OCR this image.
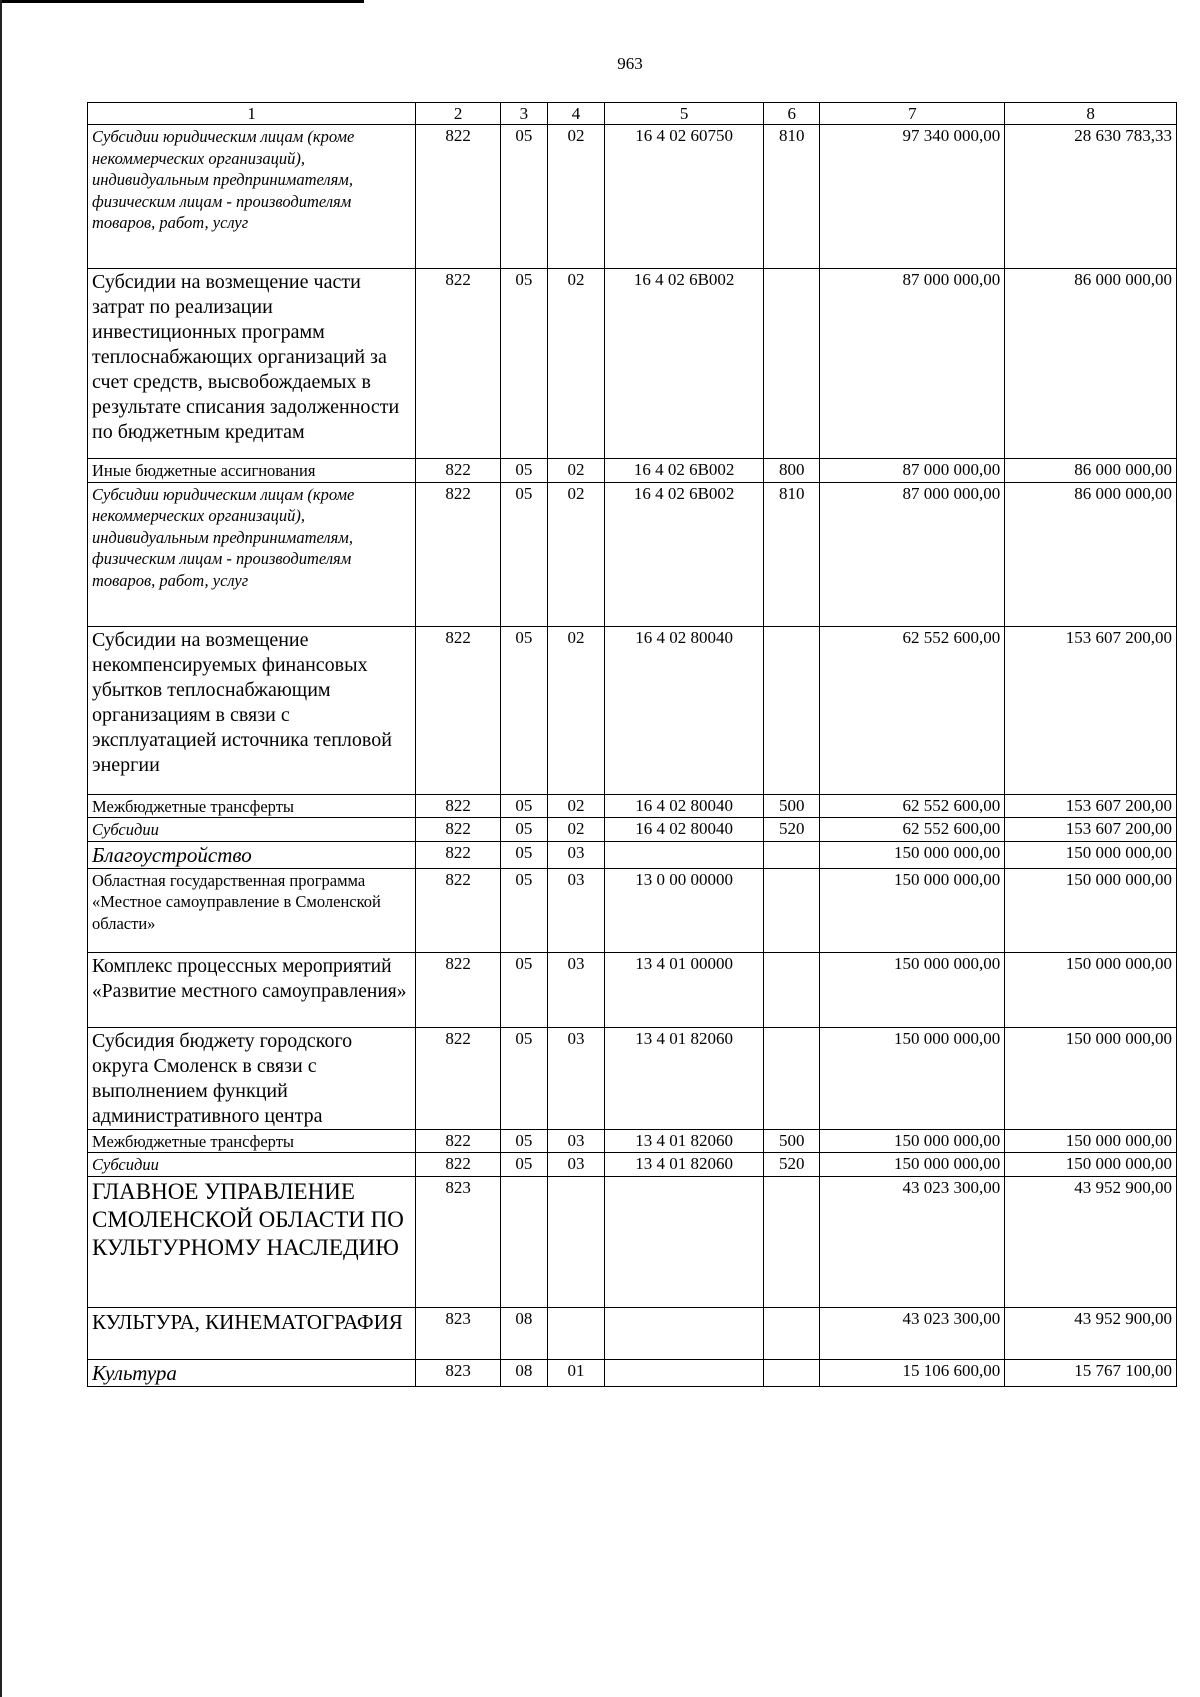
963
1	2	3	4	5	6	7	8
Субсидии юридическим лицам (кроме некоммерческих организаций), индивидуальным предпринимателям, физическим лицам - производителям товаров, работ, услуг	822	05	02	16 4 02 60750	810	97 340 000,00	28 630 783,33
Субсидии на возмещение части затрат по реализации инвестиционных программ теплоснабжающих организаций за счет средств, высвобождаемых в результате списания задолженности по бюджетным кредитам	822	05	02	16 4 02 6B002		87 000 000,00	86 000 000,00
Иные бюджетные ассигнования	822	05	02	16 4 02 6B002	800	87 000 000,00	86 000 000,00
Субсидии юридическим лицам (кроме некоммерческих организаций), индивидуальным предпринимателям, физическим лицам - производителям товаров, работ, услуг	822	05	02	16 4 02 6B002	810	87 000 000,00	86 000 000,00
Субсидии на возмещение некомпенсируемых финансовых убытков теплоснабжающим организациям в связи с эксплуатацией источника тепловой энергии	822	05	02	16 4 02 80040		62 552 600,00	153 607 200,00
Межбюджетные трансферты	822	05	02	16 4 02 80040	500	62 552 600,00	153 607 200,00
Субсидии	822	05	02	16 4 02 80040	520	62 552 600,00	153 607 200,00
Благоустройство	822	05	03			150 000 000,00	150 000 000,00
Областная государственная программа «Местное самоуправление в Смоленской области»	822	05	03	13 0 00 00000		150 000 000,00	150 000 000,00
Комплекс процессных мероприятий «Развитие местного самоуправления»	822	05	03	13 4 01 00000		150 000 000,00	150 000 000,00
Субсидия бюджету городского округа Смоленск в связи с выполнением функций административного центра	822	05	03	13 4 01 82060		150 000 000,00	150 000 000,00
Межбюджетные трансферты	822	05	03	13 4 01 82060	500	150 000 000,00	150 000 000,00
Субсидии	822	05	03	13 4 01 82060	520	150 000 000,00	150 000 000,00
ГЛАВНОЕ УПРАВЛЕНИЕ СМОЛЕНСКОЙ ОБЛАСТИ ПО КУЛЬТУРНОМУ НАСЛЕДИЮ	823					43 023 300,00	43 952 900,00
КУЛЬТУРА, КИНЕМАТОГРАФИЯ	823	08				43 023 300,00	43 952 900,00
Культура	823	08	01			15 106 600,00	15 767 100,00
